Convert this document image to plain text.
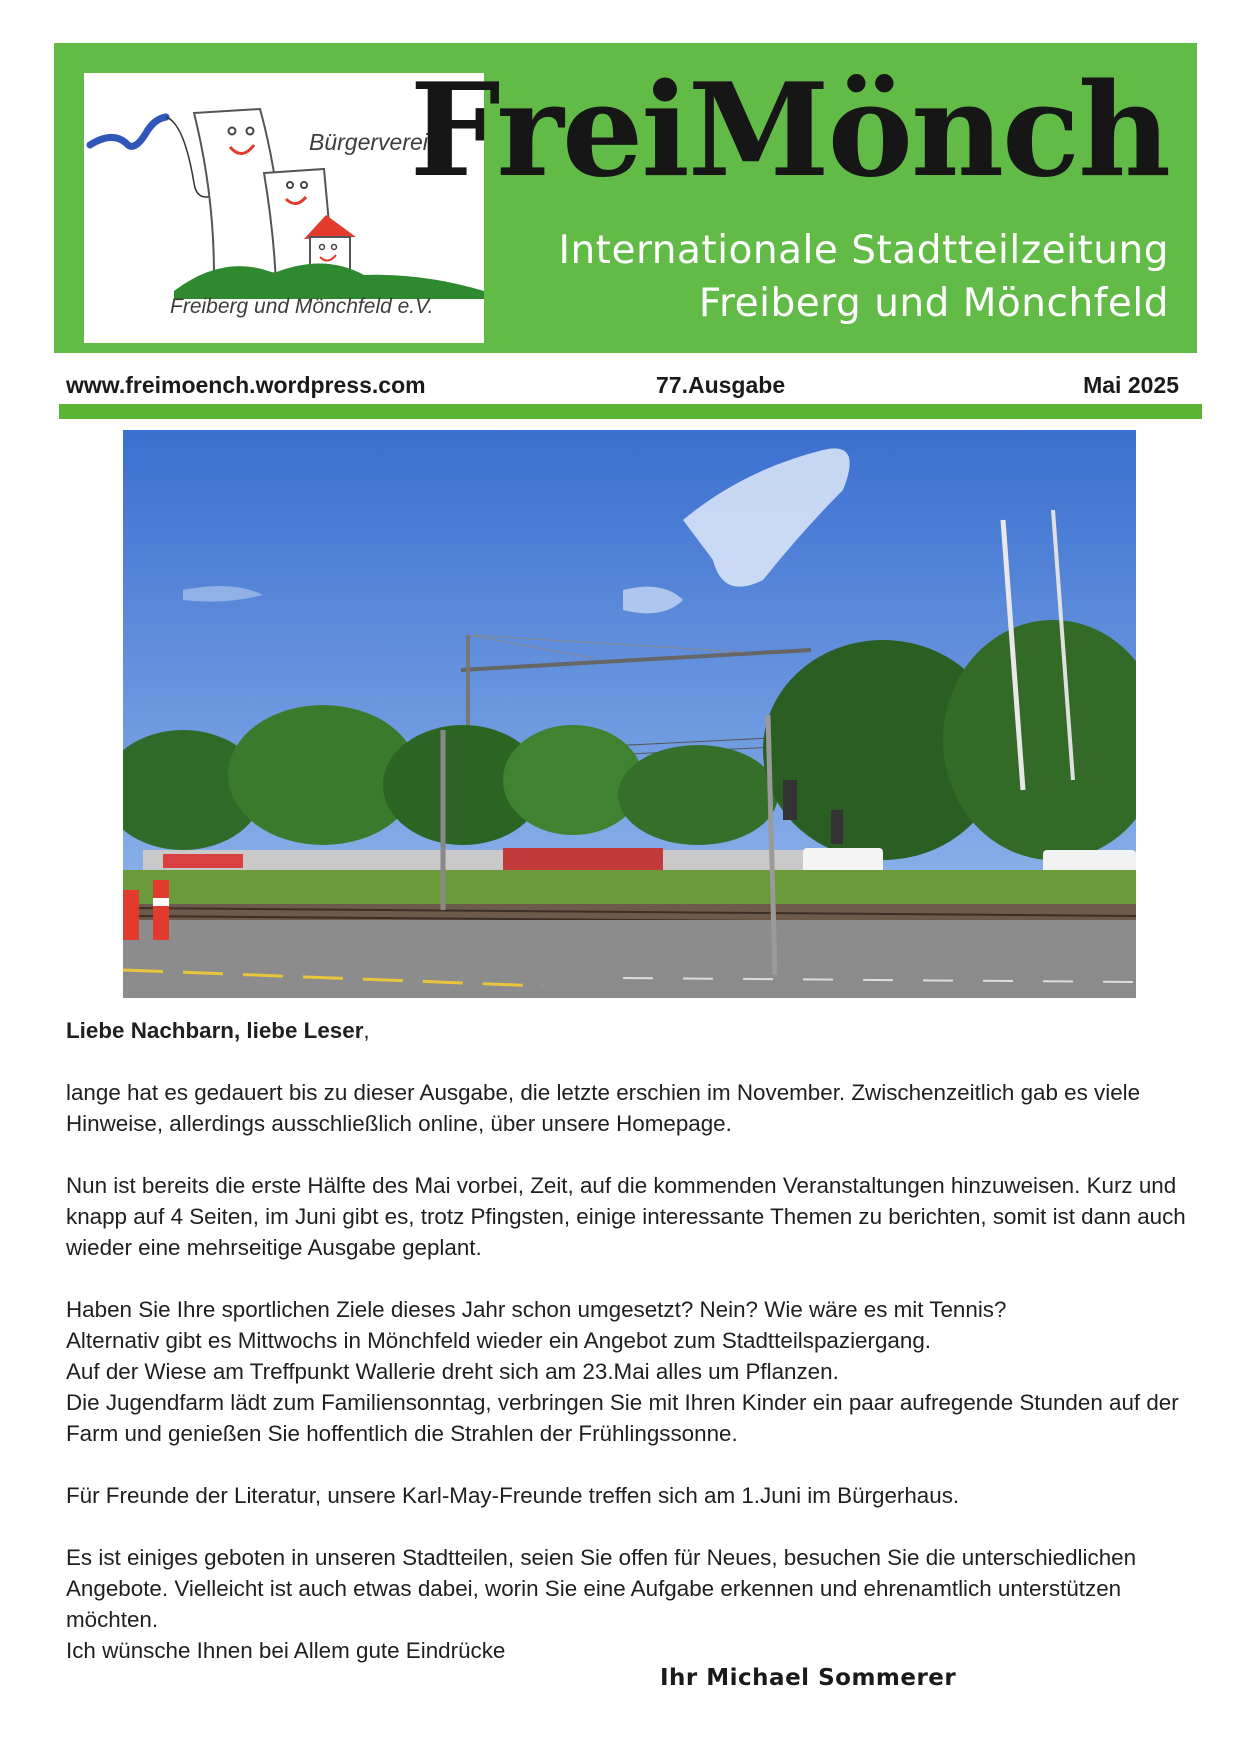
Bürgerverein
Freiberg und Mönchfeld e.V.
FreiMönch
Internationale Stadtteilzeitung
Freiberg und Mönchfeld
www.freimoench.wordpress.com	77.Ausgabe	Mai 2025

Liebe Nachbarn, liebe Leser,

lange hat es gedauert bis zu dieser Ausgabe, die letzte erschien im November. Zwischenzeitlich gab es viele Hinweise, allerdings ausschließlich online, über unsere Homepage.

Nun ist bereits die erste Hälfte des Mai vorbei, Zeit, auf die kommenden Veranstaltungen hinzuweisen. Kurz und knapp auf 4 Seiten, im Juni gibt es, trotz Pfingsten, einige interessante Themen zu berichten, somit ist dann auch wieder eine mehrseitige Ausgabe geplant.

Haben Sie Ihre sportlichen Ziele dieses Jahr schon umgesetzt? Nein? Wie wäre es mit Tennis?
Alternativ gibt es Mittwochs in Mönchfeld wieder ein Angebot zum Stadtteilspaziergang.
Auf der Wiese am Treffpunkt Wallerie dreht sich am 23.Mai alles um Pflanzen.
Die Jugendfarm lädt zum Familiensonntag, verbringen Sie mit Ihren Kinder ein paar aufregende Stunden auf der Farm und genießen Sie hoffentlich die Strahlen der Frühlingssonne.

Für Freunde der Literatur, unsere Karl-May-Freunde treffen sich am 1.Juni im Bürgerhaus.

Es ist einiges geboten in unseren Stadtteilen, seien Sie offen für Neues, besuchen Sie die unterschiedlichen Angebote. Vielleicht ist auch etwas dabei, worin Sie eine Aufgabe erkennen und ehrenamtlich unterstützen möchten.

Ich wünsche Ihnen bei Allem gute Eindrücke

Ihr Michael Sommerer
